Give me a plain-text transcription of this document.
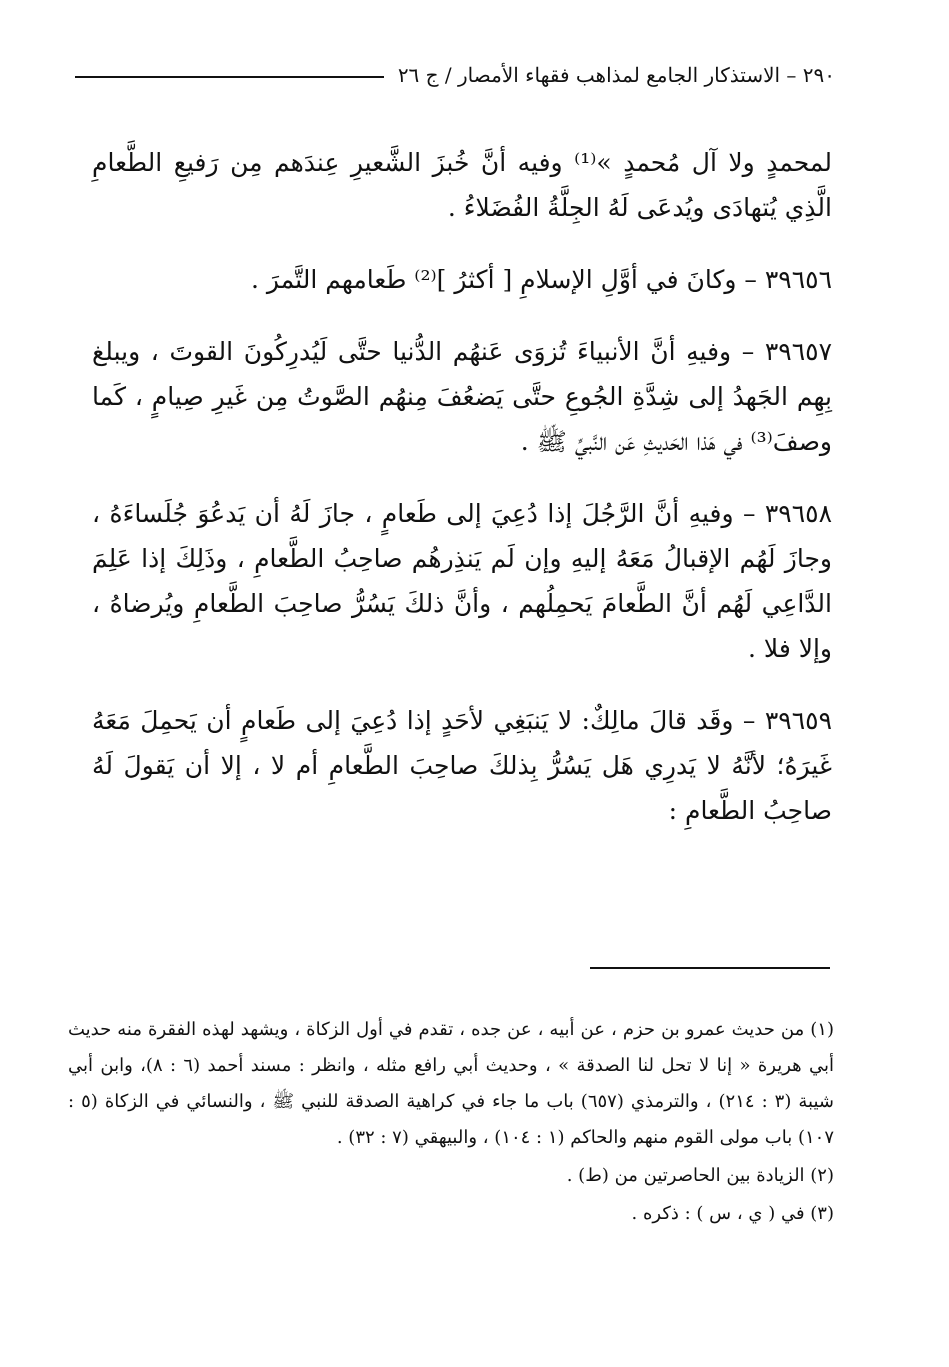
٢٩٠ – الاستذكار الجامع لمذاهب فقهاء الأمصار / ج ٢٦

لمحمدٍ ولا آل مُحمدٍ »⁽¹⁾ وفيه أنَّ خُبزَ الشَّعيرِ عِندَهم مِن رَفيعِ الطَّعامِ الَّذِي يُتهادَى ويُدعَى لَهُ الجِلَّةُ الفُضَلاءُ .

٣٩٦٥٦ – وكانَ في أوَّلِ الإسلامِ [ أكثرُ ]⁽²⁾ طَعامهم التَّمرَ .

٣٩٦٥٧ – وفيهِ أنَّ الأنبياءَ تُزوَى عَنهُم الدُّنيا حتَّى لَيُدرِكُونَ القوتَ ، ويبلغ بِهِم الجَهدُ إلى شِدَّةِ الجُوعِ حتَّى يَضعُفَ مِنهُم الصَّوتُ مِن غَيرِ صِيامٍ ، كَما وصفَ⁽³⁾ في هَذا الحَديثِ عَن النَّبيِّ ﷺ .

٣٩٦٥٨ – وفيهِ أنَّ الرَّجُلَ إذا دُعِيَ إلى طَعامٍ ، جازَ لَهُ أن يَدعُوَ جُلَساءَهُ ، وجازَ لَهُم الإقبالُ مَعَهُ إليهِ وإن لَم يَنذِرهُم صاحِبُ الطَّعامِ ، وذَلِكَ إذا عَلِمَ الدَّاعِي لَهُم أنَّ الطَّعامَ يَحمِلُهم ، وأنَّ ذلكَ يَسُرُّ صاحِبَ الطَّعامِ ويُرضاهُ ، وإلا فلا .

٣٩٦٥٩ – وقَد قالَ مالِكٌ: لا يَنبَغِي لأحَدٍ إذا دُعِيَ إلى طَعامٍ أن يَحمِلَ مَعَهُ غَيرَهُ؛ لأنَّهُ لا يَدرِي هَل يَسُرُّ بِذلكَ صاحِبَ الطَّعامِ أم لا ، إلا أن يَقولَ لَهُ صاحِبُ الطَّعامِ :

(١) من حديث عمرو بن حزم ، عن أبيه ، عن جده ، تقدم في أول الزكاة ، ويشهد لهذه الفقرة منه حديث أبي هريرة « إنا لا تحل لنا الصدقة » ، وحديث أبي رافع مثله ، وانظر : مسند أحمد (٦ : ٨)، وابن أبي شيبة (٣ : ٢١٤) ، والترمذي (٦٥٧) باب ما جاء في كراهية الصدقة للنبي ﷺ ، والنسائي في الزكاة (٥ : ١٠٧) باب مولى القوم منهم والحاكم (١ : ١٠٤) ، والبيهقي (٧ : ٣٢) .

(٢) الزيادة بين الحاصرتين من (ط) .

(٣) في ( ي ، س ) : ذكره .
